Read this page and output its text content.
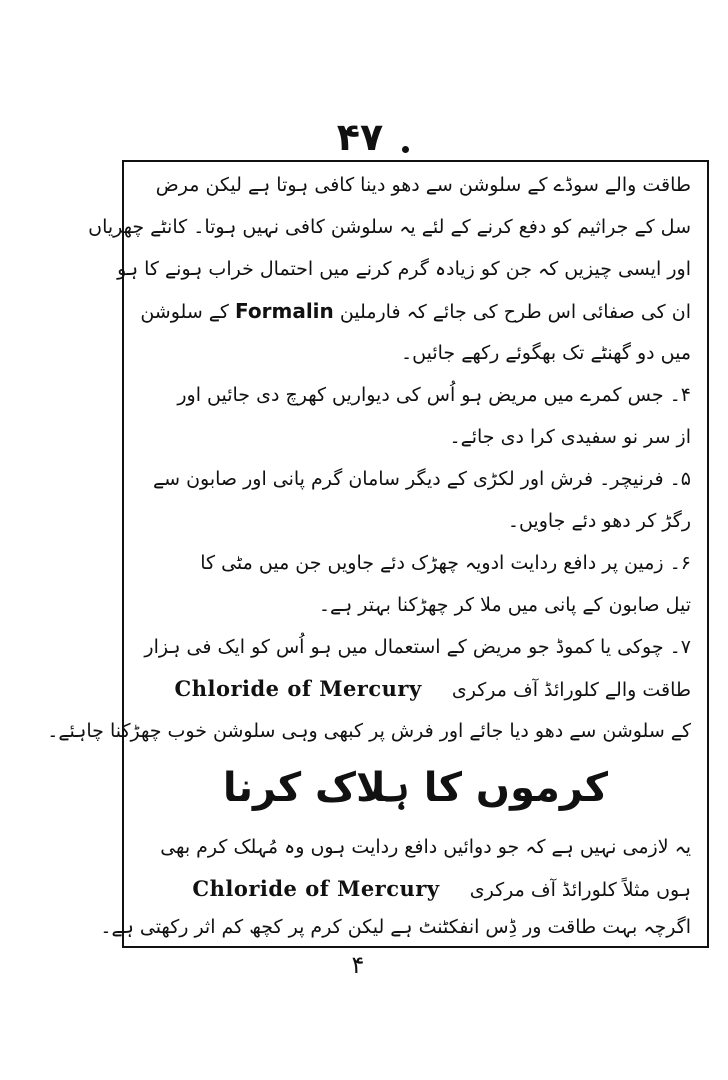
۴۷
طاقت والے سوڈے کے سلوشن سے دھو دینا کافی ہوتا ہے لیکن مرض
سل کے جراثیم کو دفع کرنے کے لئے یہ سلوشن کافی نہیں ہوتا۔ کانٹے چھریاں
اور ایسی چیزیں کہ جن کو زیادہ گرم کرنے میں احتمال خراب ہونے کا ہو
ان کی صفائی اس طرح کی جائے کہ فارملین Formalin کے سلوشن
میں دو گھنٹے تک بھگوئے رکھے جائیں۔
۴۔ جس کمرے میں مریض ہو اُس کی دیواریں کھرچ دی جائیں اور
از سر نو سفیدی کرا دی جائے۔
۵۔ فرنیچر۔ فرش اور لکڑی کے دیگر سامان گرم پانی اور صابون سے
رگڑ کر دھو دئے جاویں۔
۶۔ زمین پر دافع ردایت ادویہ چھڑک دئے جاویں جن میں مٹی کا
تیل صابون کے پانی میں ملا کر چھڑکنا بہتر ہے۔
۷۔ چوکی یا کموڈ جو مریض کے استعمال میں ہو اُس کو ایک فی ہزار
طاقت والے کلورائڈ آف مرکری     Chloride of Mercury
کے سلوشن سے دھو دیا جائے اور فرش پر کبھی وہی سلوشن خوب چھڑکنا چاہئے۔
کرموں کا ہلاک کرنا
یہ لازمی نہیں ہے کہ جو دوائیں دافع ردایت ہوں وہ مُہلک کرم بھی
ہوں مثلاً کلورائڈ آف مرکری     Chloride of Mercury
اگرچہ بہت طاقت ور ڈِس انفکٹنٹ ہے لیکن کرم پر کچھ کم اثر رکھتی ہے۔
۴
